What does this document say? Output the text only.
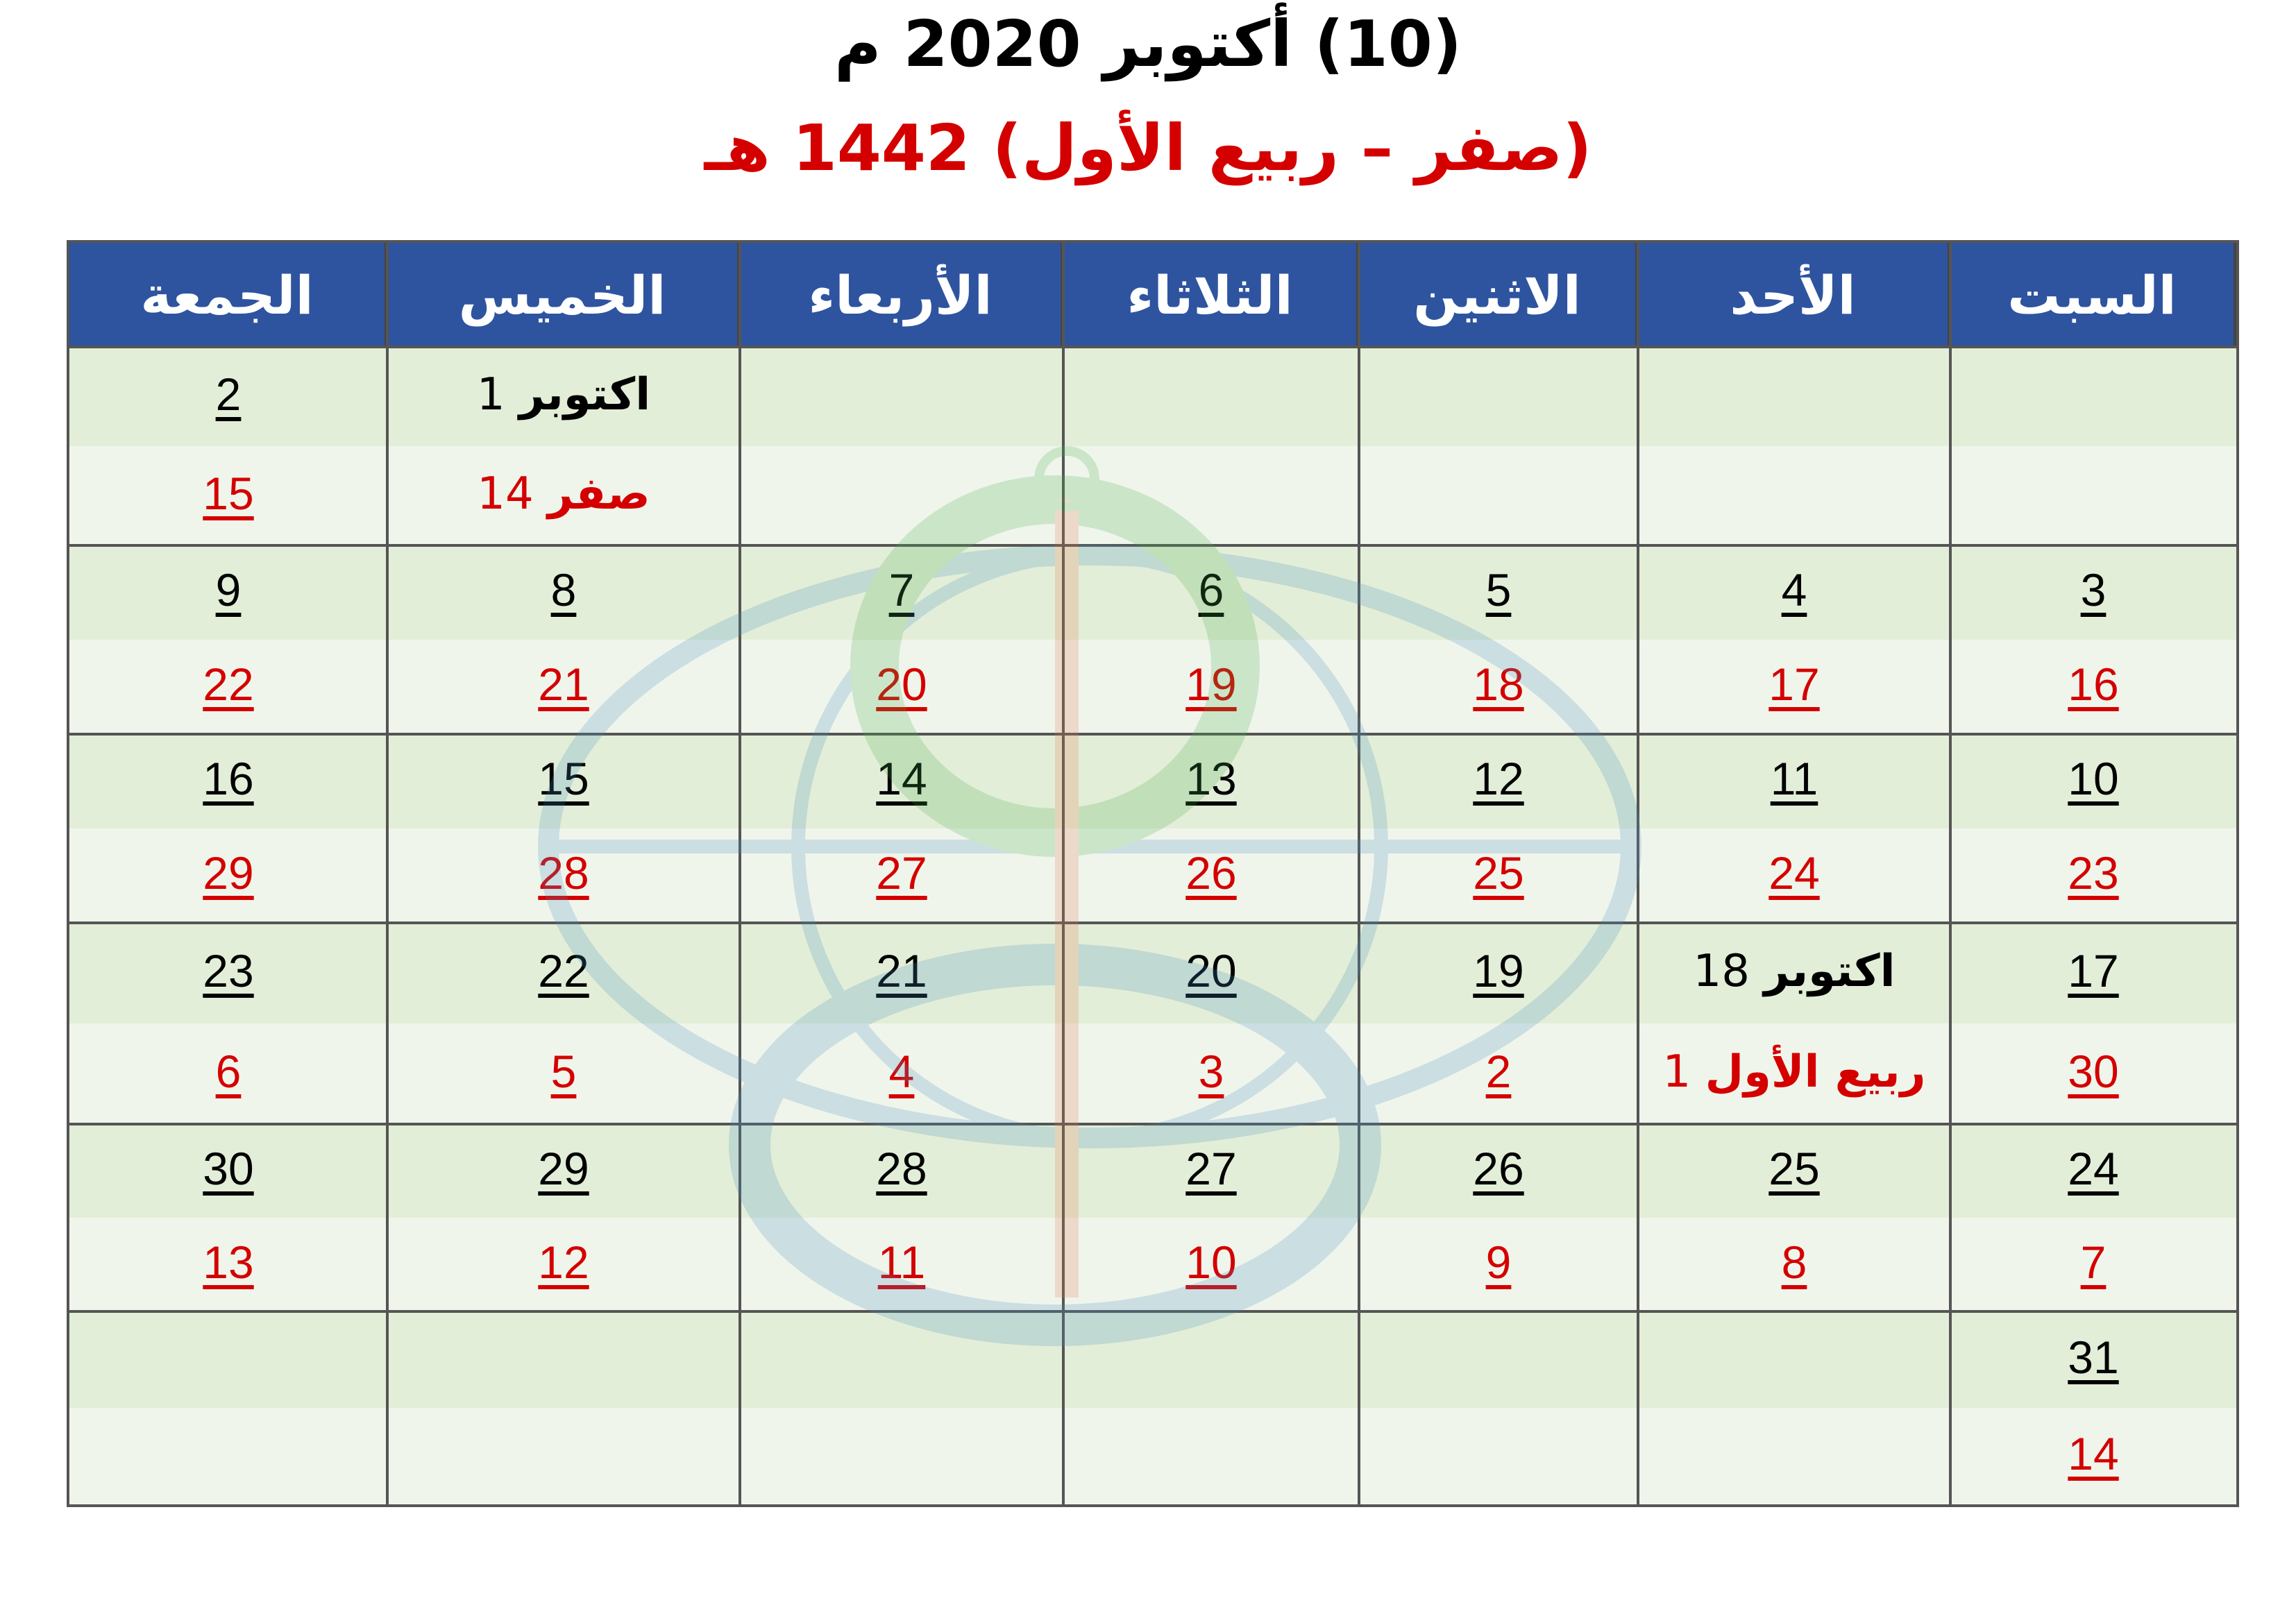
(10) أكتوبر 2020 م
(صفر – ربيع الأول) 1442 هـ
السبت
الأحد
الاثنين
الثلاثاء
الأربعاء
الخميس
الجمعة
اكتوبر 1
صفر 14
2
15
3
16
4
17
5
18
6
19
7
20
8
21
9
22
10
23
11
24
12
25
13
26
14
27
15
28
16
29
17
30
اكتوبر 18
ربيع الأول 1
19
2
20
3
21
4
22
5
23
6
24
7
25
8
26
9
27
10
28
11
29
12
30
13
31
14
